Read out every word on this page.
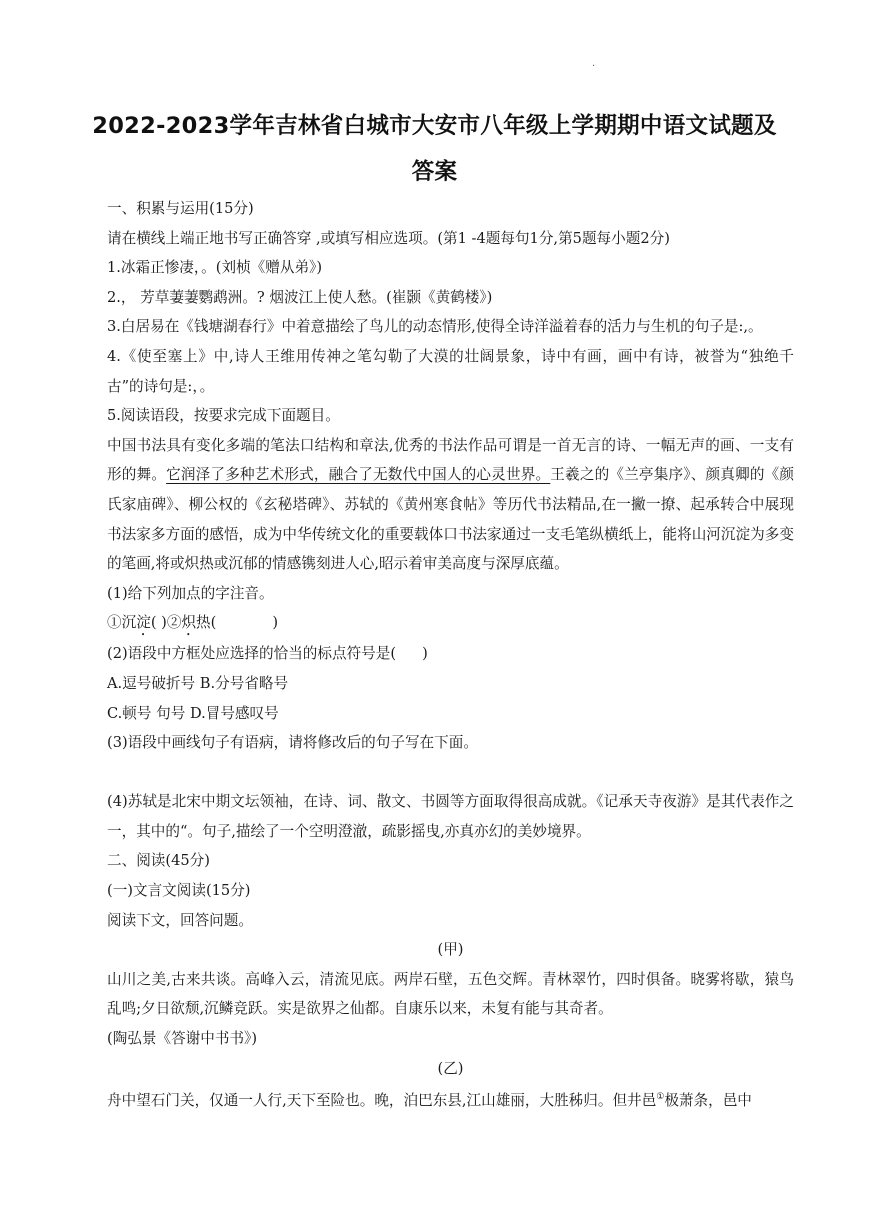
.
2022-2023学年吉林省白城市大安市八年级上学期期中语文试题及
答案

一、积累与运用(15分)

请在横线上端正地书写正确答穿 ,或填写相应选项。(第1 -4题每句1分,第5题每小题2分)

1.冰霜正惨凄，。(刘桢《赠从弟》)

2.， 芳草萋萋鹦鹉洲。? 烟波江上使人愁。(崔颢《黄鹤楼》)

3.白居易在《钱塘湖春行》中着意描绘了鸟儿的动态情形,使得全诗洋溢着春的活力与生机的句子是:,。

4.《使至塞上》中,诗人王维用传神之笔勾勒了大漠的壮阔景象，诗中有画，画中有诗，被誉为“独绝千古”的诗句是:，。

5.阅读语段，按要求完成下面题目。

中国书法具有变化多端的笔法口结构和章法,优秀的书法作品可谓是一首无言的诗、一幅无声的画、一支有形的舞。它润泽了多种艺术形式，融合了无数代中国人的心灵世界。王羲之的《兰亭集序》、颜真卿的《颜氏家庙碑》、柳公权的《玄秘塔碑》、苏轼的《黄州寒食帖》等历代书法精品,在一撇一撩、起承转合中展现书法家多方面的感悟，成为中华传统文化的重要载体口书法家通过一支毛笔纵横纸上，能将山河沉淀为多变的笔画,将或炽热或沉郁的情感镌刻进人心,昭示着审美高度与深厚底蕴。

(1)给下列加点的字注音。

①沉淀( )②炽热(	)

(2)语段中方框处应选择的恰当的标点符号是( )

A.逗号破折号 B.分号省略号

C.顿号 句号 D.冒号感叹号

(3)语段中画线句子有语病，请将修改后的句子写在下面。

(4)苏轼是北宋中期文坛领袖，在诗、词、散文、书圆等方面取得很高成就。《记承天寺夜游》是其代表作之一，其中的“。句子,描绘了一个空明澄澈，疏影摇曳,亦真亦幻的美妙境界。

二、阅读(45分)

(一)文言文阅读(15分)

阅读下文，回答问题。

(甲)

山川之美,古来共谈。高峰入云，清流见底。两岸石壁，五色交辉。青林翠竹，四时俱备。晓雾将歇，猿鸟乱鸣;夕日欲颓,沉鳞竞跃。实是欲界之仙都。自康乐以来，未复有能与其奇者。

(陶弘景《答谢中书书》)

(乙)

舟中望石门关，仅通一人行,天下至险也。晚，泊巴东县,江山雄丽，大胜秭归。但井邑①极萧条，邑中
